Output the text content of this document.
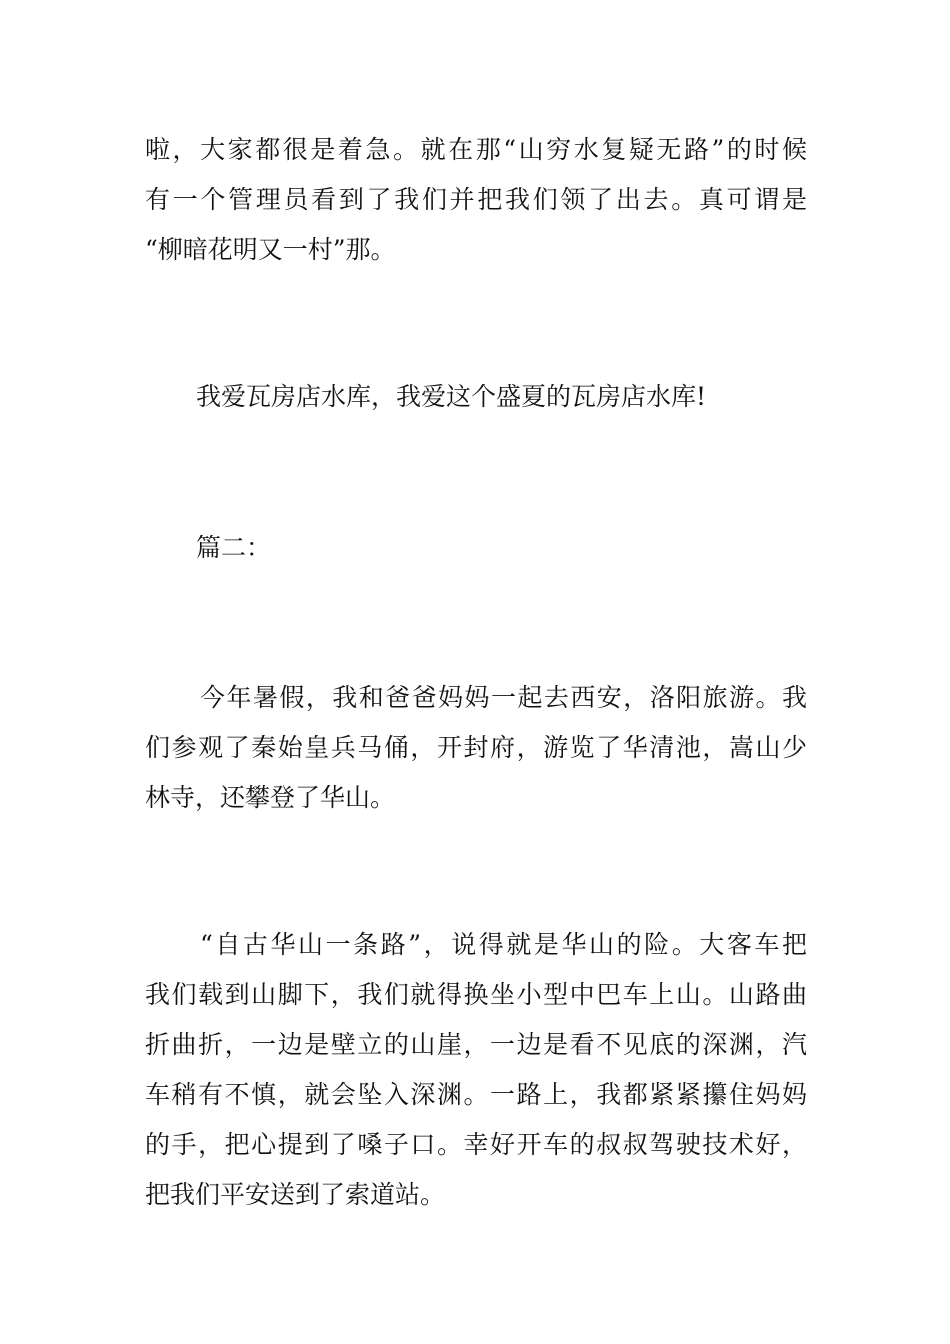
啦，大家都很是着急。就在那“山穷水复疑无路”的时候
有一个管理员看到了我们并把我们领了出去。真可谓是
“柳暗花明又一村”那。
我爱瓦房店水库，我爱这个盛夏的瓦房店水库!
篇二：
今年暑假，我和爸爸妈妈一起去西安，洛阳旅游。我
们参观了秦始皇兵马俑，开封府，游览了华清池，嵩山少
林寺，还攀登了华山。
“自古华山一条路”，说得就是华山的险。大客车把
我们载到山脚下，我们就得换坐小型中巴车上山。山路曲
折曲折，一边是壁立的山崖，一边是看不见底的深渊，汽
车稍有不慎，就会坠入深渊。一路上，我都紧紧攥住妈妈
的手，把心提到了嗓子口。幸好开车的叔叔驾驶技术好，
把我们平安送到了索道站。
